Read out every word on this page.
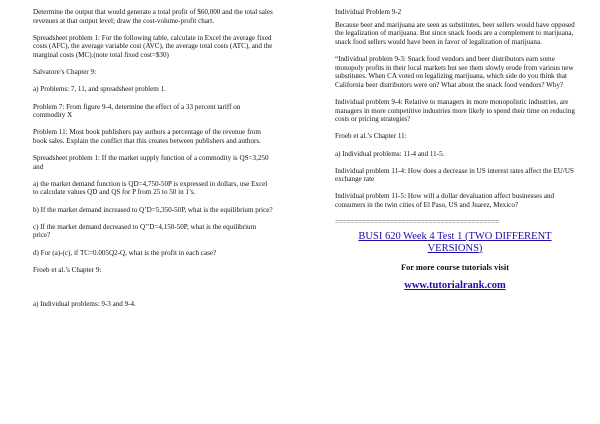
Determine the output that would generate a total profit of $60,000 and the total sales revenues at that output level; draw the cost-volume-profit chart.

Spreadsheet problem 1: For the following table, calculate in Excel the average fixed costs (AFC), the average variable cost (AVC), the average total costs (ATC), and the marginal costs (MC).(note total fixed cost=$30)

Salvatore’s Chapter 9:

a) Problems: 7, 11, and spreadsheet problem 1.

Problem 7: From figure 9-4, determine the effect of a 33 percent tariff on commodity X

Problem 11: Most book publishers pay authors a percentage of the revenue from book sales. Explain the conflict that this creates between publishers and authors.

Spreadsheet problem 1: If the market supply function of a commodity is QS=3,250 and

a) the market demand function is QD=4,750-50P is expressed in dollars, use Excel to calculate values QD and QS for P from 25 to 50 in 1’s.

b) If the market demand increased to Q’D=5,350-50P, what is the equilibrium price?

c) If the market demand decreased to Q’’D=4,150-50P, what is the equilibrium price?

d) For (a)-(c), if TC=0.005Q2-Q, what is the profit in each case?

Froeb et al.’s Chapter 9:

a) Individual problems: 9-3 and 9-4.

Individual Problem 9-2

Because beer and marijuana are seen as substitutes, beer sellers would have opposed the legalization of marijuana. But since snack foods are a complement to marijuana, snack food sellers would have been in favor of legalization of marijuana.

“Individual problem 9-3: Snack food vendors and beer distributors earn some monopoly profits in their local markets but see them slowly erode from various new substitutes. When CA voted on legalizing marijuana, which side do you think that California beer distributors were on? What about the snack food vendors? Why?

Individual problem 9-4: Relative to managers in more monopolistic industries, are managers in more competitive industries more likely to spend their time on reducing costs or pricing strategies?

Froeb et al.’s Chapter 11:

a) Individual problems: 11-4 and 11-5.

Individual problem 11-4: How does a decrease in US interest rates affect the EU/US exchange rate

Individual problem 11-5: How will a dollar devaluation affect businesses and consumers in the twin cities of El Paso, US and Juarez, Mexico?

==========================================
BUSI 620 Week 4 Test 1 (TWO DIFFERENT VERSIONS)
For more course tutorials visit
www.tutorialrank.com
